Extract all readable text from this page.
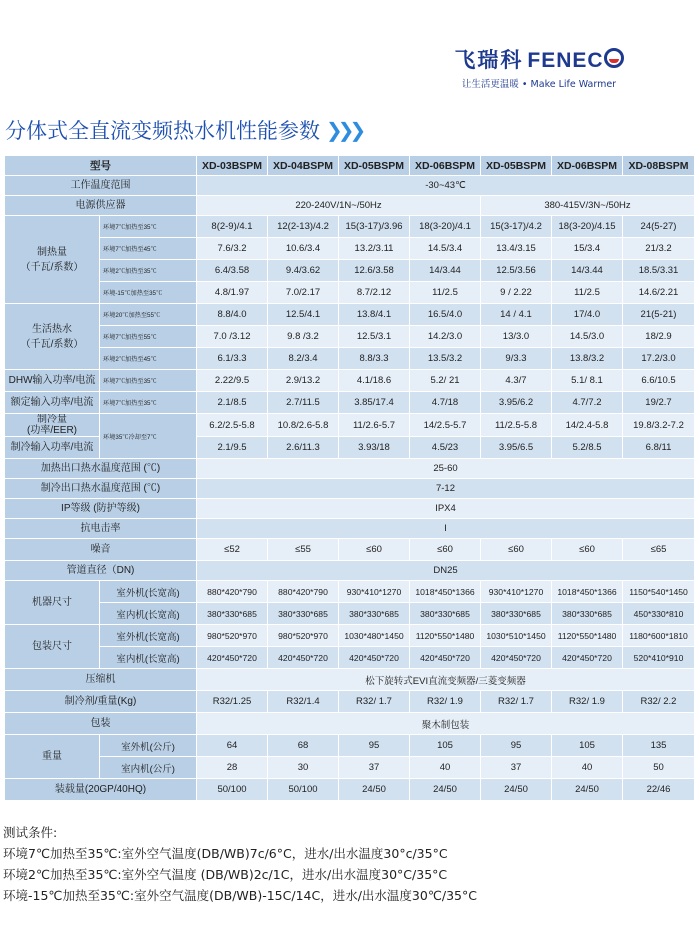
飞瑞科 FENEC
让生活更温暖 • Make Life Warmer
分体式全直流变频热水机性能参数 ❯❯❯
型号		XD-03BSPM	XD-04BSPM	XD-05BSPM	XD-06BSPM	XD-05BSPM	XD-06BSPM	XD-08BSPM
工作温度范围		-30~43℃						
电源供应器		220-240V/1N~/50Hz				380-415V/3N~/50Hz		

制热量
（千瓦/系数）	环境7℃加热至35℃	8(2-9)/4.1	12(2-13)/4.2	15(3-17)/3.96	18(3-20)/4.1	15(3-17)/4.2	18(3-20)/4.15	24(5-27)
	环境7℃加热至45℃	7.6/3.2	10.6/3.4	13.2/3.11	14.5/3.4	13.4/3.15	15/3.4	21/3.2
	环境2℃加热至35℃	6.4/3.58	9.4/3.62	12.6/3.58	14/3.44	12.5/3.56	14/3.44	18.5/3.31
	环境-15℃加热至35℃	4.8/1.97	7.0/2.17	8.7/2.12	11/2.5	9 / 2.22	11/2.5	14.6/2.21

生活热水
（千瓦/系数）	环境20℃加热至55℃	8.8/4.0	12.5/4.1	13.8/4.1	16.5/4.0	14 / 4.1	17/4.0	21(5-21)
	环境7℃加热至55℃	7.0 /3.12	9.8 /3.2	12.5/3.1	14.2/3.0	13/3.0	14.5/3.0	18/2.9
	环境2℃加热至45℃	6.1/3.3	8.2/3.4	8.8/3.3	13.5/3.2	9/3.3	13.8/3.2	17.2/3.0
DHW输入功率/电流	环境7℃加热至35℃	2.22/9.5	2.9/13.2	4.1/18.6	5.2/ 21	4.3/7	5.1/ 8.1	6.6/10.5
额定输入功率/电流	环境7℃加热至35℃	2.1/8.5	2.7/11.5	3.85/17.4	4.7/18	3.95/6.2	4.7/7.2	19/2.7

制冷量
(功率/EER)	环境35℃冷却至7℃	6.2/2.5-5.8	10.8/2.6-5.8	11/2.6-5.7	14/2.5-5.7	11/2.5-5.8	14/2.4-5.8	19.8/3.2-7.2
制冷输入功率/电流		2.1/9.5	2.6/11.3	3.93/18	4.5/23	3.95/6.5	5.2/8.5	6.8/11
加热出口热水温度范围 (℃)		25-60						
制冷出口热水温度范围 (℃)		7-12						
IP等级 (防护等级)		IPX4						
抗电击率		I						
噪音		≤52	≤55	≤60	≤60	≤60	≤60	≤65
管道直径（DN)		DN25						
机器尺寸	室外机(长宽高)	880*420*790	880*420*790	930*410*1270	1018*450*1366	930*410*1270	1018*450*1366	1150*540*1450
	室内机(长宽高)	380*330*685	380*330*685	380*330*685	380*330*685	380*330*685	380*330*685	450*330*810
包装尺寸	室外机(长宽高)	980*520*970	980*520*970	1030*480*1450	1120*550*1480	1030*510*1450	1120*550*1480	1180*600*1810
	室内机(长宽高)	420*450*720	420*450*720	420*450*720	420*450*720	420*450*720	420*450*720	520*410*910
压缩机		松下旋转式EVI直流变频器/三菱变频器						
制冷剂/重量(Kg)		R32/1.25	R32/1.4	R32/ 1.7	R32/ 1.9	R32/ 1.7	R32/ 1.9	R32/ 2.2
包装		聚木制包装						
重量	室外机(公斤)	64	68	95	105	95	105	135
	室内机(公斤)	28	30	37	40	37	40	50
装载量(20GP/40HQ)		50/100	50/100	24/50	24/50	24/50	24/50	22/46
测试条件:
环境7℃加热至35℃:室外空气温度(DB/WB)7c/6°C，进水/出水温度30°c/35°C
环境2℃加热至35℃:室外空气温度 (DB/WB)2c/1C，进水/出水温度30°C/35°C
环境-15℃加热至35℃:室外空气温度(DB/WB)-15C/14C，进水/出水温度30℃/35°C
